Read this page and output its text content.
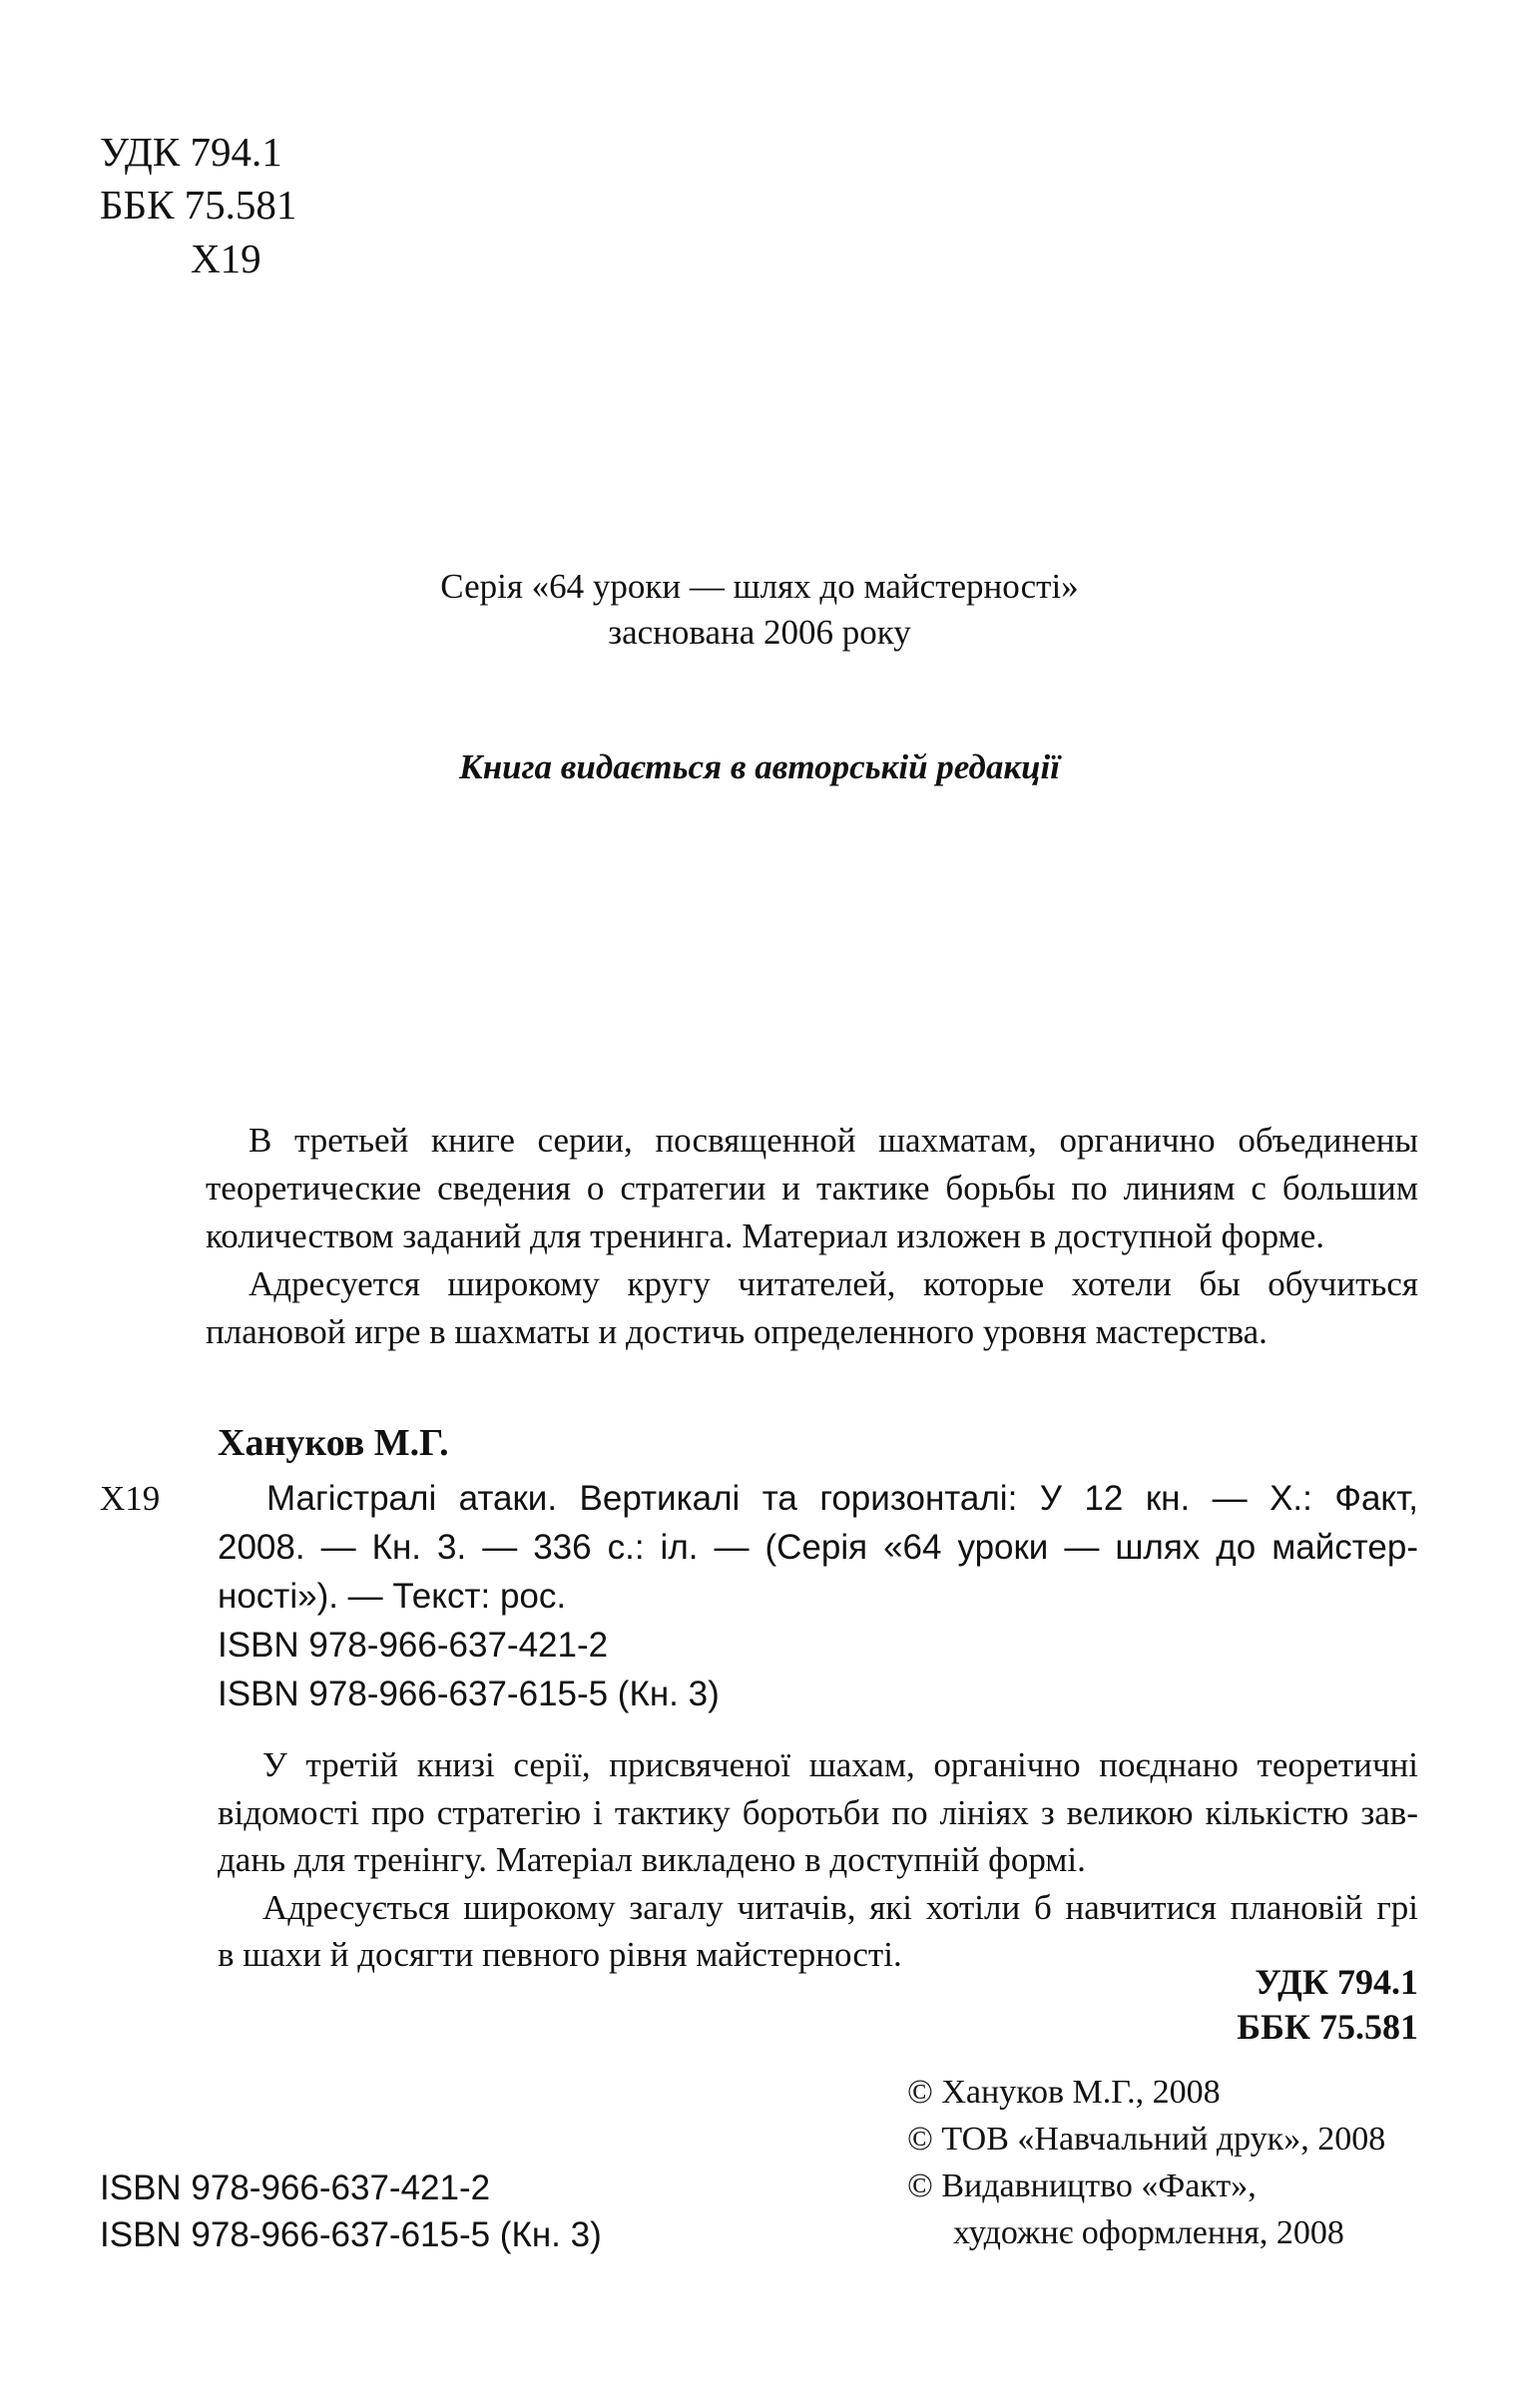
УДК 794.1
ББК 75.581
Х19
Серія «64 уроки — шлях до майстерності»
заснована 2006 року
Книга видається в авторській редакції
В третьей книге серии, посвященной шахматам, органично объединены
теоретические сведения о стратегии и тактике борьбы по линиям с большим
количеством заданий для тренинга. Материал изложен в доступной форме.
Адресуется широкому кругу читателей, которые хотели бы обучиться
плановой игре в шахматы и достичь определенного уровня мастерства.
Хануков М.Г.
Х19	Магістралі атаки. Вертикалі та горизонталі: У 12 кн. — Х.: Факт,
2008. — Кн. 3. — 336 с.: іл. — (Серія «64 уроки — шлях до майстер-
ності»). — Текст: рос.
ISBN 978-966-637-421-2
ISBN 978-966-637-615-5 (Кн. 3)
У третій книзі серії, присвяченої шахам, органічно поєднано теоретичні
відомості про стратегію і тактику боротьби по лініях з великою кількістю зав-
дань для тренінгу. Матеріал викладено в доступній формі.
Адресується широкому загалу читачів, які хотіли б навчитися плановій грі
в шахи й досягти певного рівня майстерності.
УДК 794.1
ББК 75.581
© Хануков М.Г., 2008
© ТОВ «Навчальний друк», 2008
© Видавництво «Факт»,
художнє оформлення, 2008
ISBN 978-966-637-421-2
ISBN 978-966-637-615-5 (Кн. 3)
